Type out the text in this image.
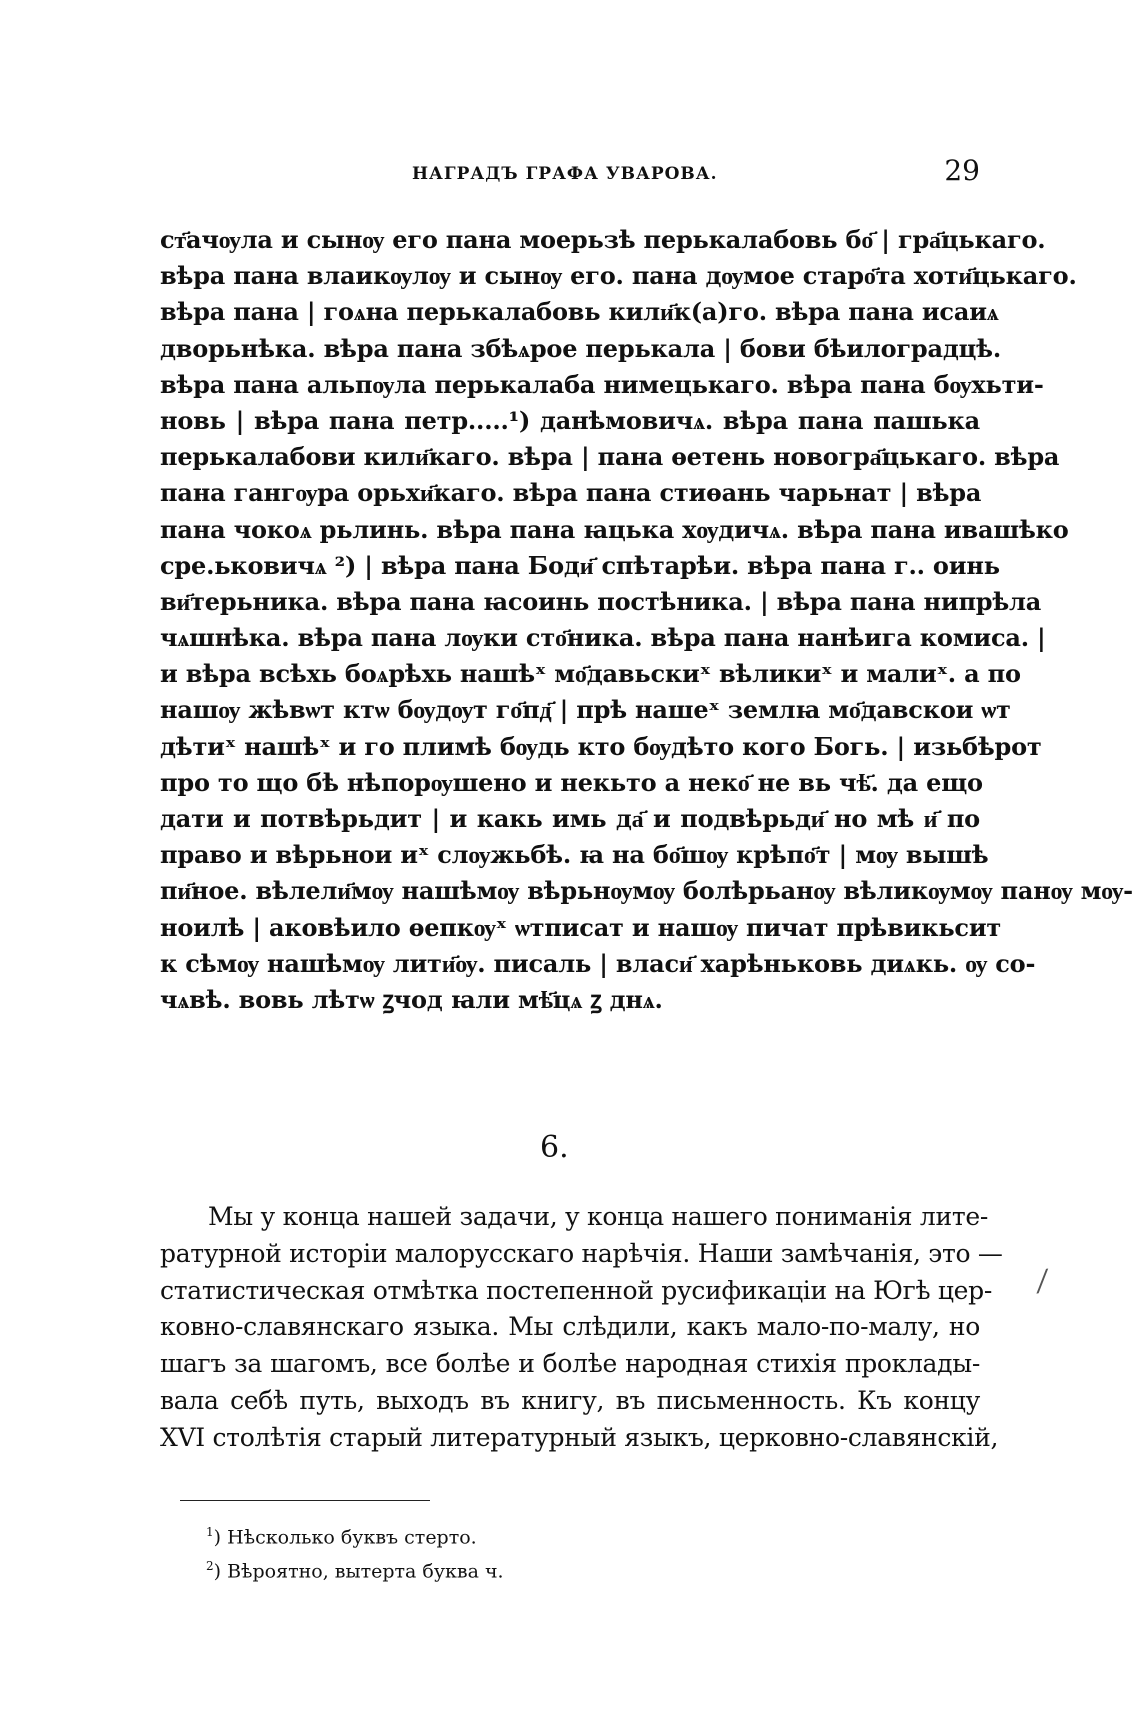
НАГРАДЪ ГРАФА УВАРОВА.	29
ст҃ачѹла и сынѹ его пана моерьзѣ перькалабовь бо҃ | гра҃цькаго.
вѣра пана влаикѹлѹ и сынѹ его. пана дѹмое старо҃та хоти҃цькаго.
вѣра пана | гоѧна перькалабовь кили҃к(а)го. вѣра пана исаиѧ
дворьнѣка. вѣра пана збѣѧрое перькала | бови бѣилоградцѣ.
вѣра пана альпѹла перькалаба нимецькаго. вѣра пана бѹхьти-
новь | вѣра пана петр.....¹) данѣмовичѧ. вѣра пана пашька
перькалабови кили҃каго. вѣра | пана ѳетень новогра҃цькаго. вѣра
пана гангѹра орьхи҃каго. вѣра пана стиѳань чарьнат | вѣра
пана чокоѧ рьлинь. вѣра пана ꙗцька хѹдичѧ. вѣра пана ивашѣко
сре.ьковичѧ ²) | вѣра пана Боди҃ спѣтарѣи. вѣра пана г.. оинь
ви҃терьника. вѣра пана ꙗсоинь постѣника. | вѣра пана нипрѣла
чѧшнѣка. вѣра пана лѹки сто҃ника. вѣра пана нанѣига комиса. |
и вѣра всѣхь боѧрѣхь нашѣˣ мо҃давьскиˣ вѣликиˣ и малиˣ. а по
нашѹ жѣвѡт ктѡ бѹдѹт го҃пд҃ | прѣ нашеˣ землꙗ мо҃давскои ѡт
дѣтиˣ нашѣˣ и го плимѣ бѹдь кто бѹдѣто кого Богь. | изьбѣрот
про то що бѣ нѣпорѹшено и некьто а неко҃ не вь чѣ҃. да ещо
дати и потвѣрьдит | и какь имь да҃ и подвѣрьди҃ но мѣ и҃ по
право и вѣрьнои иˣ слѹжьбѣ. ꙗ на бо҃шѹ крѣпо҃т | мѹ вышѣ
пи҃ное. вѣлели҃мѹ нашѣмѹ вѣрьнѹмѹ болѣрьанѹ вѣликѹмѹ панѹ мѹ-
ноилѣ | аковѣило ѳепкѹˣ ѡтписат и нашѹ пичат прѣвикьсит
к сѣмѹ нашѣмѹ лити҃ѹ. писаль | власи҃ харѣньковь диѧкь. ѹ со-
чѧвѣ. вовь лѣтѡ ꙁчод ꙗли мѣ҃цѧ ꙁ днѧ.
6.
Мы у конца нашей задачи, у конца нашего пониманія лите-
ратурной исторіи малорусскаго нарѣчія. Наши замѣчанія, это —
статистическая отмѣтка постепенной русификаціи на Югѣ цер-
ковно-славянскаго языка. Мы слѣдили, какъ мало-по-малу, но
шагъ за шагомъ, все болѣе и болѣе народная стихія проклады-
вала себѣ путь, выходъ въ книгу, въ письменность. Къ концу
XVI столѣтія старый литературный языкъ, церковно-славянскій,
$^1$) Нѣсколько буквъ стерто.
$^2$) Вѣроятно, вытерта буква ч.
⁄
